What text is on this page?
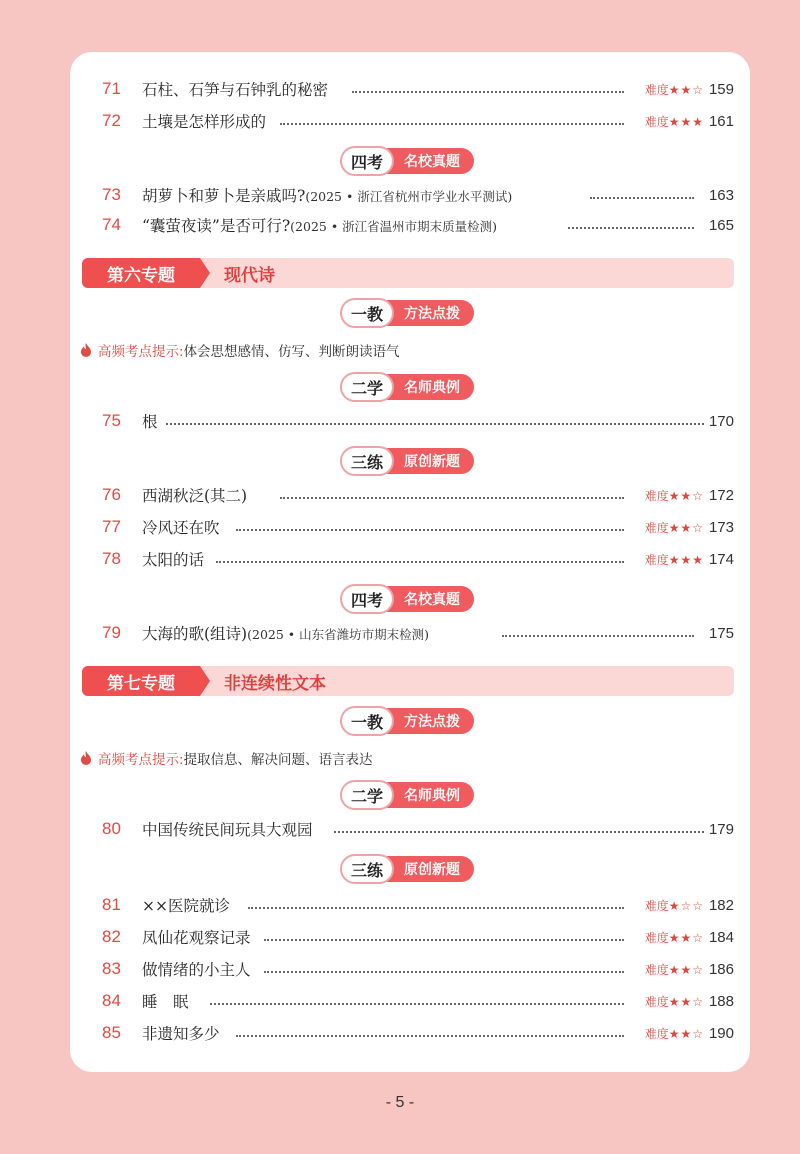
71 石柱、石笋与石钟乳的秘密	难度★★☆ 159
72 土壤是怎样形成的	难度★★★ 161
四考	名校真题
73 胡萝卜和萝卜是亲戚吗?(2025 • 浙江省杭州市学业水平测试)	163
74 “囊萤夜读”是否可行?(2025 • 浙江省温州市期末质量检测)	165
第六专题	现代诗
一教	方法点拨
高频考点提示: 体会思想感情、仿写、判断朗读语气
二学	名师典例
75 根	170
三练	原创新题
76 西湖秋泛(其二)	难度★★☆ 172
77 冷风还在吹	难度★★☆ 173
78 太阳的话	难度★★★ 174
四考	名校真题
79 大海的歌(组诗)(2025 • 山东省潍坊市期末检测)	175
第七专题	非连续性文本
一教	方法点拨
高频考点提示: 提取信息、解决问题、语言表达
二学	名师典例
80 中国传统民间玩具大观园	179
三练	原创新题
81 ××医院就诊	难度★☆☆ 182
82 凤仙花观察记录	难度★★☆ 184
83 做情绪的小主人	难度★★☆ 186
84 睡　眠	难度★★☆ 188
85 非遗知多少	难度★★☆ 190
- 5 -
